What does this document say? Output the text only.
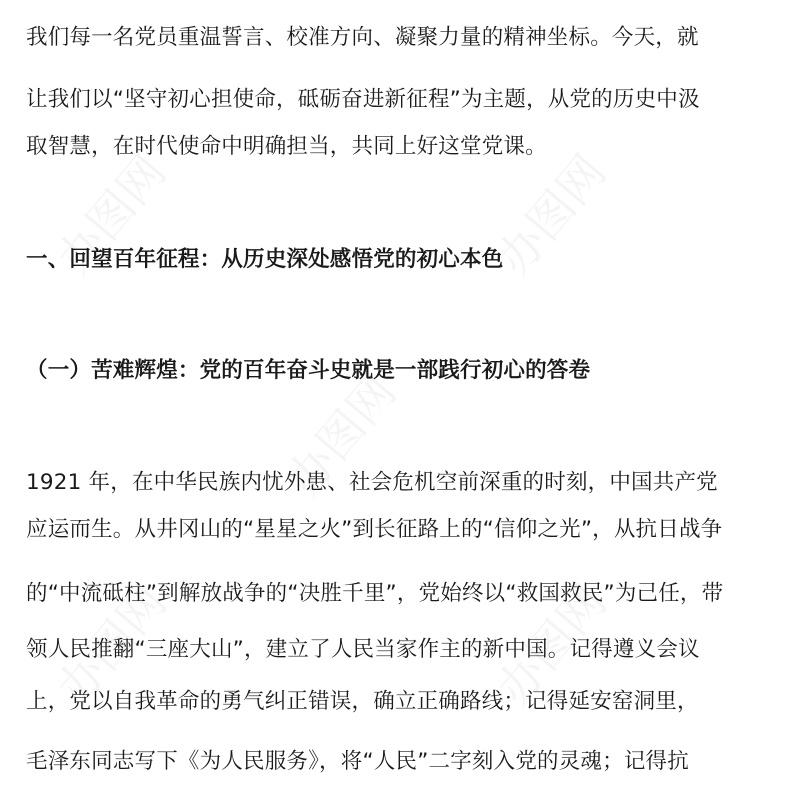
我们每一名党员重温誓言、校准方向、凝聚力量的精神坐标。今天，就
让我们以“坚守初心担使命，砥砺奋进新征程”为主题，从党的历史中汲
取智慧，在时代使命中明确担当，共同上好这堂党课。
一、回望百年征程：从历史深处感悟党的初心本色
（一）苦难辉煌：党的百年奋斗史就是一部践行初心的答卷
1921 年，在中华民族内忧外患、社会危机空前深重的时刻，中国共产党
应运而生。从井冈山的“星星之火”到长征路上的“信仰之光”，从抗日战争
的“中流砥柱”到解放战争的“决胜千里”，党始终以“救国救民”为己任，带
领人民推翻“三座大山”，建立了人民当家作主的新中国。记得遵义会议
上，党以自我革命的勇气纠正错误，确立正确路线；记得延安窑洞里，
毛泽东同志写下《为人民服务》，将“人民”二字刻入党的灵魂；记得抗
